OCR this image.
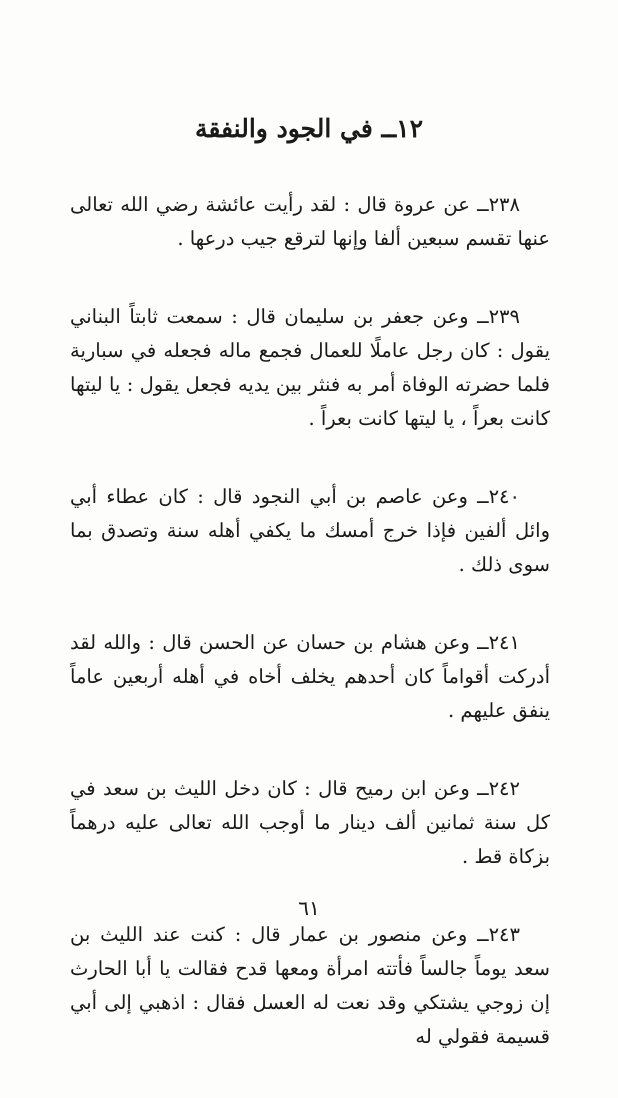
١٢ــ في الجود والنفقة

٢٣٨ــ عن عروة قال : لقد رأيت عائشة رضي الله تعالى عنها تقسم سبعين ألفا وإنها لترقع جيب درعها .

٢٣٩ــ وعن جعفر بن سليمان قال : سمعت ثابتاً البناني يقول : كان رجل عاملًا للعمال فجمع ماله فجعله في سبارية فلما حضرته الوفاة أمر به فنثر بين يديه فجعل يقول : يا ليتها كانت بعراً ، يا ليتها كانت بعراً .

٢٤٠ــ وعن عاصم بن أبي النجود قال : كان عطاء أبي وائل ألفين فإذا خرج أمسك ما يكفي أهله سنة وتصدق بما سوى ذلك .

٢٤١ــ وعن هشام بن حسان عن الحسن قال : والله لقد أدركت أقواماً كان أحدهم يخلف أخاه في أهله أربعين عاماً ينفق عليهم .

٢٤٢ــ وعن ابن رميح قال : كان دخل الليث بن سعد في كل سنة ثمانين ألف دينار ما أوجب الله تعالى عليه درهماً بزكاة قط .

٢٤٣ــ وعن منصور بن عمار قال : كنت عند الليث بن سعد يوماً جالساً فأتته امرأة ومعها قدح فقالت يا أبا الحارث إن زوجي يشتكي وقد نعت له العسل فقال : اذهبي إلى أبي قسيمة فقولي له

٦١
